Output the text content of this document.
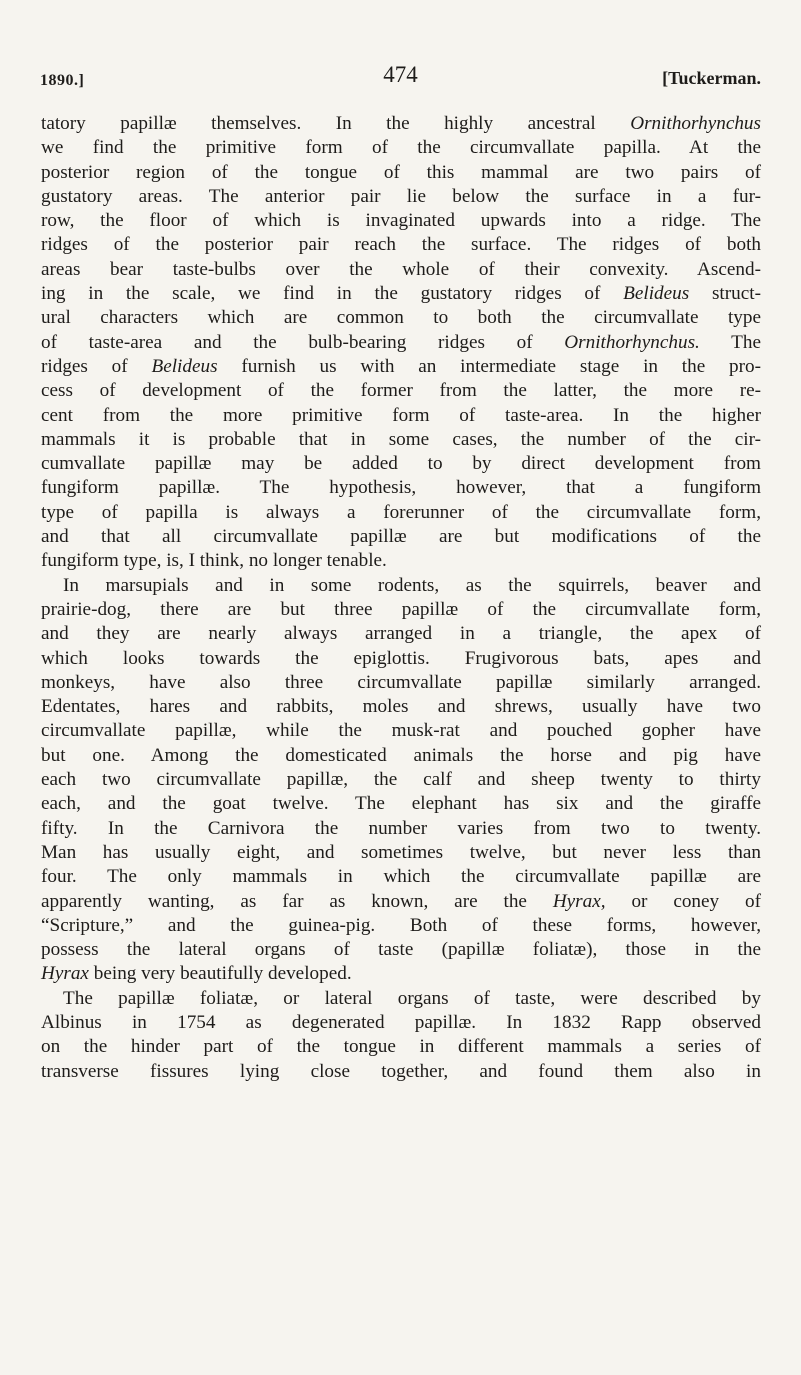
1890.]	474	[Tuckerman.
tatory papillæ themselves. In the highly ancestral Ornithorhynchus
we find the primitive form of the circumvallate papilla. At the
posterior region of the tongue of this mammal are two pairs of
gustatory areas. The anterior pair lie below the surface in a fur-
row, the floor of which is invaginated upwards into a ridge. The
ridges of the posterior pair reach the surface. The ridges of both
areas bear taste-bulbs over the whole of their convexity. Ascend-
ing in the scale, we find in the gustatory ridges of Belideus struct-
ural characters which are common to both the circumvallate type
of taste-area and the bulb-bearing ridges of Ornithorhynchus. The
ridges of Belideus furnish us with an intermediate stage in the pro-
cess of development of the former from the latter, the more re-
cent from the more primitive form of taste-area. In the higher
mammals it is probable that in some cases, the number of the cir-
cumvallate papillæ may be added to by direct development from
fungiform papillæ. The hypothesis, however, that a fungiform
type of papilla is always a forerunner of the circumvallate form,
and that all circumvallate papillæ are but modifications of the
fungiform type, is, I think, no longer tenable.
In marsupials and in some rodents, as the squirrels, beaver and
prairie-dog, there are but three papillæ of the circumvallate form,
and they are nearly always arranged in a triangle, the apex of
which looks towards the epiglottis. Frugivorous bats, apes and
monkeys, have also three circumvallate papillæ similarly arranged.
Edentates, hares and rabbits, moles and shrews, usually have two
circumvallate papillæ, while the musk-rat and pouched gopher have
but one. Among the domesticated animals the horse and pig have
each two circumvallate papillæ, the calf and sheep twenty to thirty
each, and the goat twelve. The elephant has six and the giraffe
fifty. In the Carnivora the number varies from two to twenty.
Man has usually eight, and sometimes twelve, but never less than
four. The only mammals in which the circumvallate papillæ are
apparently wanting, as far as known, are the Hyrax, or coney of
“Scripture,” and the guinea-pig. Both of these forms, however,
possess the lateral organs of taste (papillæ foliatæ), those in the
Hyrax being very beautifully developed.
The papillæ foliatæ, or lateral organs of taste, were described by
Albinus in 1754 as degenerated papillæ. In 1832 Rapp observed
on the hinder part of the tongue in different mammals a series of
transverse fissures lying close together, and found them also in
